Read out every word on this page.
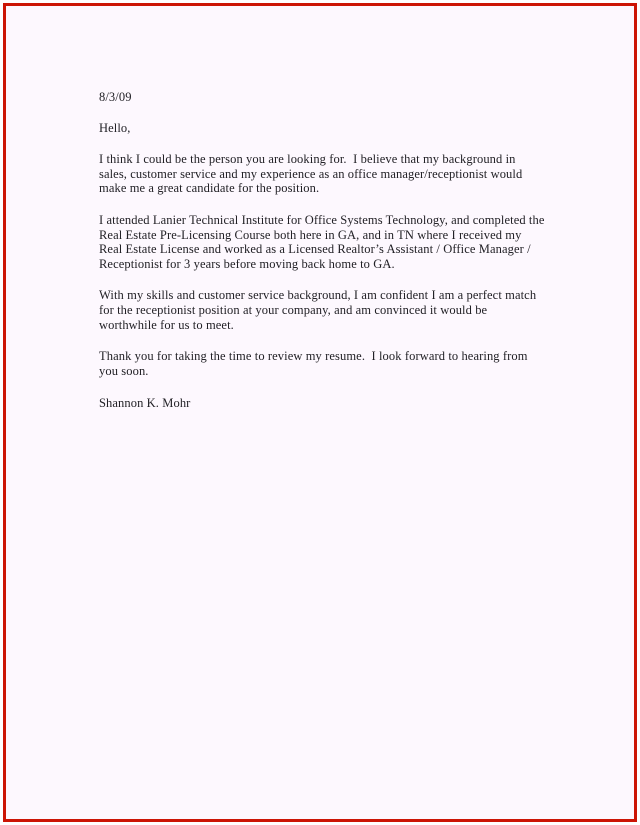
8/3/09
Hello,

I think I could be the person you are looking for.  I believe that my background in sales, customer service and my experience as an office manager/receptionist would make me a great candidate for the position.

I attended Lanier Technical Institute for Office Systems Technology, and completed the Real Estate Pre-Licensing Course both here in GA, and in TN where I received my Real Estate License and worked as a Licensed Realtor’s Assistant / Office Manager / Receptionist for 3 years before moving back home to GA.

With my skills and customer service background, I am confident I am a perfect match for the receptionist position at your company, and am convinced it would be worthwhile for us to meet.

Thank you for taking the time to review my resume.  I look forward to hearing from you soon.

Shannon K. Mohr
